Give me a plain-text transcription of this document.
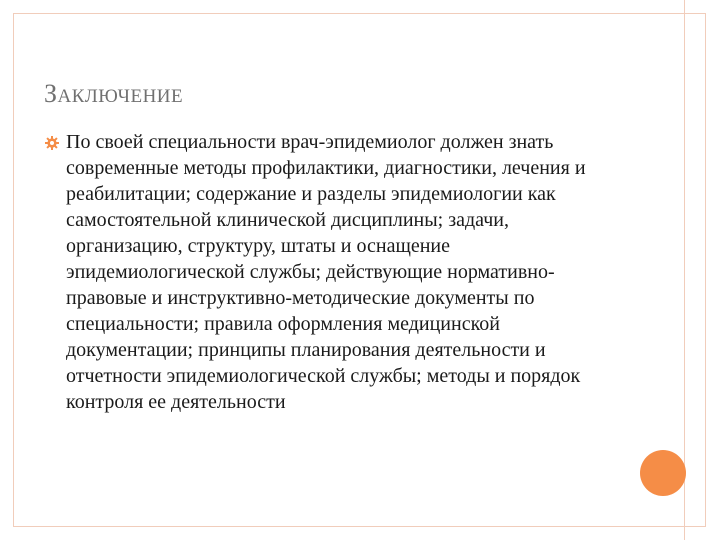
ЗАКЛЮЧЕНИЕ
По своей специальности врач-эпидемиолог должен знать современные методы профилактики, диагностики, лечения и реабилитации; содержание и разделы эпидемиологии как самостоятельной клинической дисциплины; задачи, организацию, структуру, штаты и оснащение эпидемиологической службы; действующие нормативно-правовые и инструктивно-методические документы по специальности; правила оформления медицинской документации; принципы планирования деятельности и отчетности эпидемиологической службы; методы и порядок контроля ее деятельности
